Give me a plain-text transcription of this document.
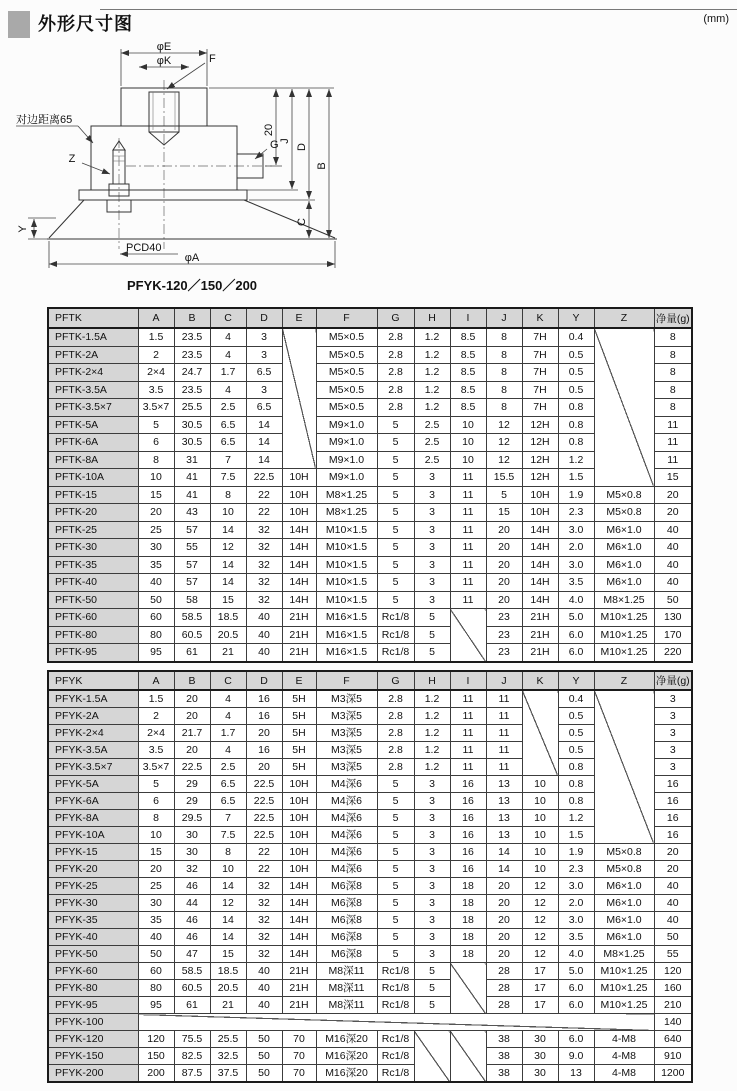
外形尺寸图	(mm)
φE
φK	F
20
J
D
B
C
G
Z
对边距离65
Y
PCD40
φA
PFYK-120／150／200
PFTK	A	B	C	D	E	F	G	H	I	J	K	Y	Z	净量(g)
PFTK-1.5A	1.5	23.5	4	3		M5×0.5	2.8	1.2	8.5	8	7H	0.4		8
PFTK-2A	2	23.5	4	3		M5×0.5	2.8	1.2	8.5	8	7H	0.5		8
PFTK-2×4	2×4	24.7	1.7	6.5		M5×0.5	2.8	1.2	8.5	8	7H	0.5		8
PFTK-3.5A	3.5	23.5	4	3		M5×0.5	2.8	1.2	8.5	8	7H	0.5		8
PFTK-3.5×7	3.5×7	25.5	2.5	6.5		M5×0.5	2.8	1.2	8.5	8	7H	0.8		8
PFTK-5A	5	30.5	6.5	14		M9×1.0	5	2.5	10	12	12H	0.8		11
PFTK-6A	6	30.5	6.5	14		M9×1.0	5	2.5	10	12	12H	0.8		11
PFTK-8A	8	31	7	14		M9×1.0	5	2.5	10	12	12H	1.2		11
PFTK-10A	10	41	7.5	22.5	10H	M9×1.0	5	3	11	15.5	12H	1.5		15
PFTK-15	15	41	8	22	10H	M8×1.25	5	3	11	5	10H	1.9	M5×0.8	20
PFTK-20	20	43	10	22	10H	M8×1.25	5	3	11	15	10H	2.3	M5×0.8	20
PFTK-25	25	57	14	32	14H	M10×1.5	5	3	11	20	14H	3.0	M6×1.0	40
PFTK-30	30	55	12	32	14H	M10×1.5	5	3	11	20	14H	2.0	M6×1.0	40
PFTK-35	35	57	14	32	14H	M10×1.5	5	3	11	20	14H	3.0	M6×1.0	40
PFTK-40	40	57	14	32	14H	M10×1.5	5	3	11	20	14H	3.5	M6×1.0	40
PFTK-50	50	58	15	32	14H	M10×1.5	5	3	11	20	14H	4.0	M8×1.25	50
PFTK-60	60	58.5	18.5	40	21H	M16×1.5	Rc1/8	5		23	21H	5.0	M10×1.25	130
PFTK-80	80	60.5	20.5	40	21H	M16×1.5	Rc1/8	5		23	21H	6.0	M10×1.25	170
PFTK-95	95	61	21	40	21H	M16×1.5	Rc1/8	5		23	21H	6.0	M10×1.25	220
PFYK	A	B	C	D	E	F	G	H	I	J	K	Y	Z	净量(g)
PFYK-1.5A	1.5	20	4	16	5H	M3深5	2.8	1.2	11	11		0.4		3
PFYK-2A	2	20	4	16	5H	M3深5	2.8	1.2	11	11		0.5		3
PFYK-2×4	2×4	21.7	1.7	20	5H	M3深5	2.8	1.2	11	11		0.5		3
PFYK-3.5A	3.5	20	4	16	5H	M3深5	2.8	1.2	11	11		0.5		3
PFYK-3.5×7	3.5×7	22.5	2.5	20	5H	M3深5	2.8	1.2	11	11		0.8		3
PFYK-5A	5	29	6.5	22.5	10H	M4深6	5	3	16	13	10	0.8		16
PFYK-6A	6	29	6.5	22.5	10H	M4深6	5	3	16	13	10	0.8		16
PFYK-8A	8	29.5	7	22.5	10H	M4深6	5	3	16	13	10	1.2		16
PFYK-10A	10	30	7.5	22.5	10H	M4深6	5	3	16	13	10	1.5		16
PFYK-15	15	30	8	22	10H	M4深6	5	3	16	14	10	1.9	M5×0.8	20
PFYK-20	20	32	10	22	10H	M4深6	5	3	16	14	10	2.3	M5×0.8	20
PFYK-25	25	46	14	32	14H	M6深8	5	3	18	20	12	3.0	M6×1.0	40
PFYK-30	30	44	12	32	14H	M6深8	5	3	18	20	12	2.0	M6×1.0	40
PFYK-35	35	46	14	32	14H	M6深8	5	3	18	20	12	3.0	M6×1.0	40
PFYK-40	40	46	14	32	14H	M6深8	5	3	18	20	12	3.5	M6×1.0	50
PFYK-50	50	47	15	32	14H	M6深8	5	3	18	20	12	4.0	M8×1.25	55
PFYK-60	60	58.5	18.5	40	21H	M8深11	Rc1/8	5		28	17	5.0	M10×1.25	120
PFYK-80	80	60.5	20.5	40	21H	M8深11	Rc1/8	5		28	17	6.0	M10×1.25	160
PFYK-95	95	61	21	40	21H	M8深11	Rc1/8	5		28	17	6.0	M10×1.25	210
PFYK-100														140
PFYK-120	120	75.5	25.5	50	70	M16深20	Rc1/8			38	30	6.0	4-M8	640
PFYK-150	150	82.5	32.5	50	70	M16深20	Rc1/8			38	30	9.0	4-M8	910
PFYK-200	200	87.5	37.5	50	70	M16深20	Rc1/8			38	30	13	4-M8	1200
